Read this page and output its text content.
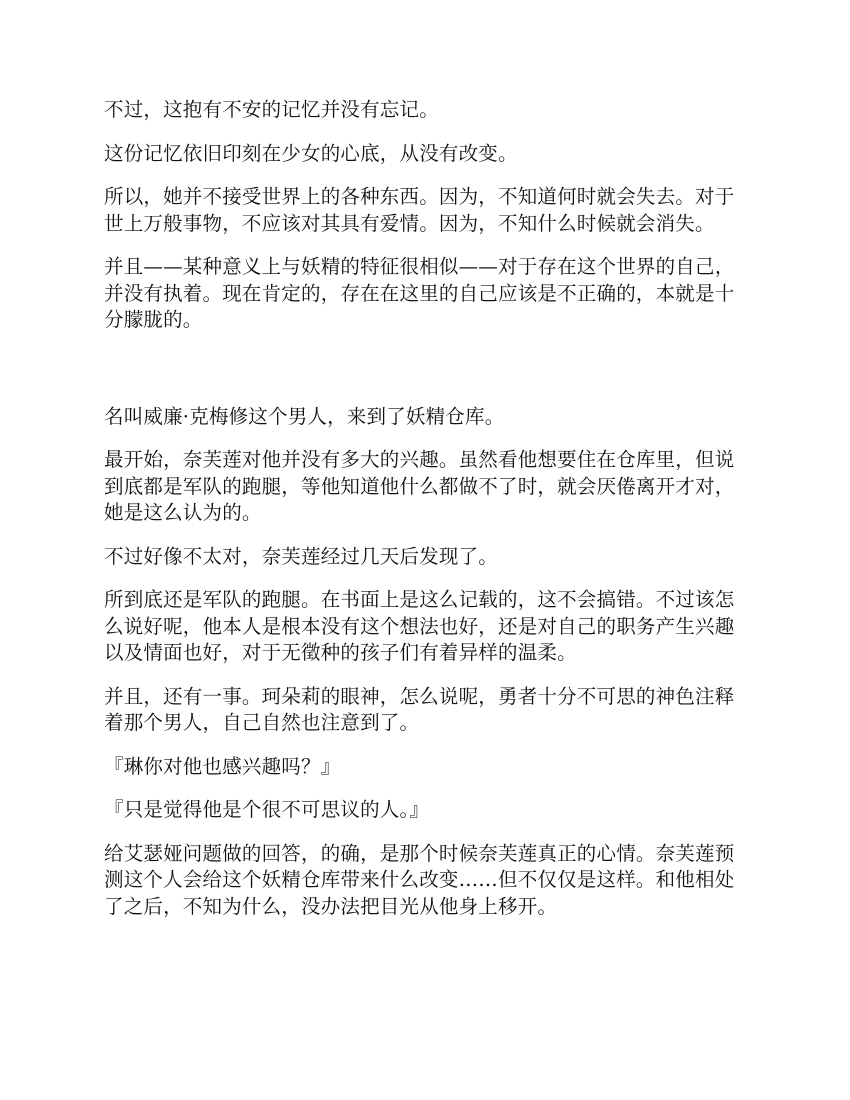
不过，这抱有不安的记忆并没有忘记。

这份记忆依旧印刻在少女的心底，从没有改变。

所以，她并不接受世界上的各种东西。因为，不知道何时就会失去。对于世上万般事物，不应该对其具有爱情。因为，不知什么时候就会消失。

并且——某种意义上与妖精的特征很相似——对于存在这个世界的自己，并没有执着。现在肯定的，存在在这里的自己应该是不正确的，本就是十分朦胧的。

名叫威廉·克梅修这个男人，来到了妖精仓库。

最开始，奈芙莲对他并没有多大的兴趣。虽然看他想要住在仓库里，但说到底都是军队的跑腿，等他知道他什么都做不了时，就会厌倦离开才对，她是这么认为的。

不过好像不太对，奈芙莲经过几天后发现了。

所到底还是军队的跑腿。在书面上是这么记载的，这不会搞错。不过该怎么说好呢，他本人是根本没有这个想法也好，还是对自己的职务产生兴趣以及情面也好，对于无徵种的孩子们有着异样的温柔。

并且，还有一事。珂朵莉的眼神，怎么说呢，勇者十分不可思的神色注释着那个男人，自己自然也注意到了。

『琳你对他也感兴趣吗？』

『只是觉得他是个很不可思议的人。』

给艾瑟娅问题做的回答，的确，是那个时候奈芙莲真正的心情。奈芙莲预测这个人会给这个妖精仓库带来什么改变……但不仅仅是这样。和他相处了之后，不知为什么，没办法把目光从他身上移开。
